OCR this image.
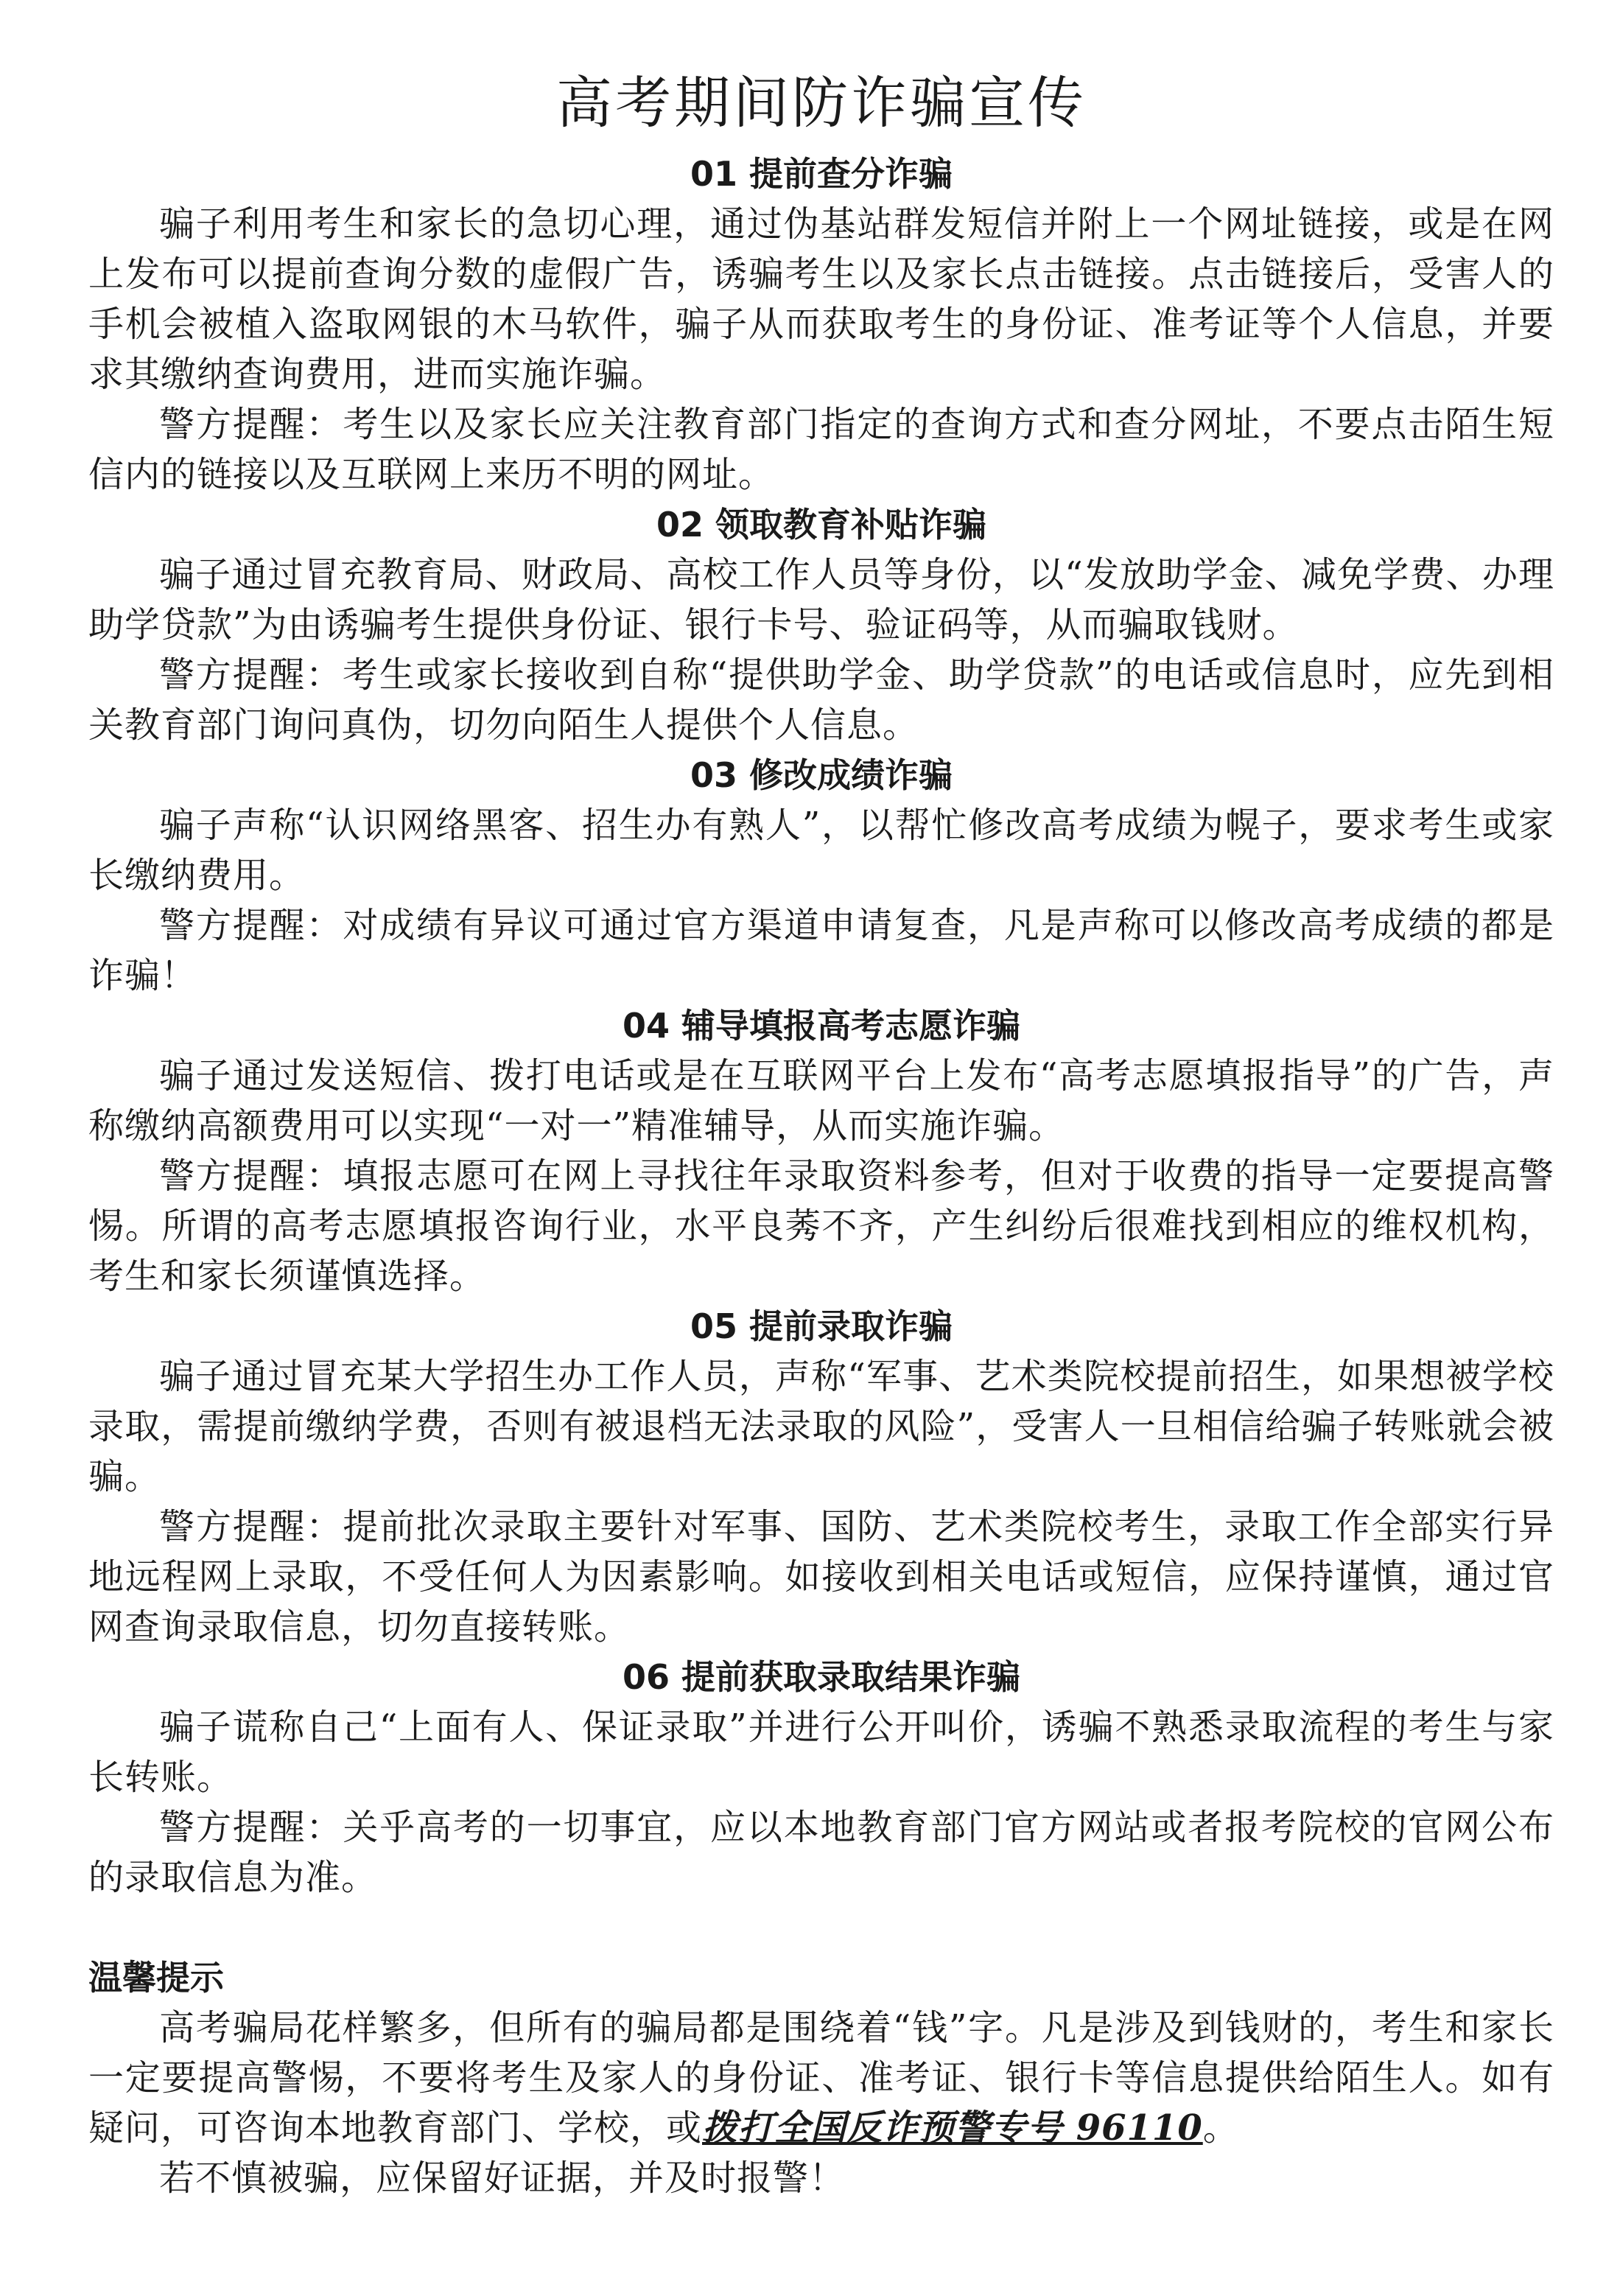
高考期间防诈骗宣传
01 提前查分诈骗

骗子利用考生和家长的急切心理，通过伪基站群发短信并附上一个网址链接，或是在网上发布可以提前查询分数的虚假广告，诱骗考生以及家长点击链接。点击链接后，受害人的手机会被植入盗取网银的木马软件，骗子从而获取考生的身份证、准考证等个人信息，并要求其缴纳查询费用，进而实施诈骗。

警方提醒：考生以及家长应关注教育部门指定的查询方式和查分网址，不要点击陌生短信内的链接以及互联网上来历不明的网址。

02 领取教育补贴诈骗

骗子通过冒充教育局、财政局、高校工作人员等身份，以“发放助学金、减免学费、办理助学贷款”为由诱骗考生提供身份证、银行卡号、验证码等，从而骗取钱财。

警方提醒：考生或家长接收到自称“提供助学金、助学贷款”的电话或信息时，应先到相关教育部门询问真伪，切勿向陌生人提供个人信息。

03 修改成绩诈骗

骗子声称“认识网络黑客、招生办有熟人”，以帮忙修改高考成绩为幌子，要求考生或家长缴纳费用。

警方提醒：对成绩有异议可通过官方渠道申请复查，凡是声称可以修改高考成绩的都是诈骗！

04 辅导填报高考志愿诈骗

骗子通过发送短信、拨打电话或是在互联网平台上发布“高考志愿填报指导”的广告，声称缴纳高额费用可以实现“一对一”精准辅导，从而实施诈骗。

警方提醒：填报志愿可在网上寻找往年录取资料参考，但对于收费的指导一定要提高警惕。所谓的高考志愿填报咨询行业，水平良莠不齐，产生纠纷后很难找到相应的维权机构，考生和家长须谨慎选择。

05 提前录取诈骗

骗子通过冒充某大学招生办工作人员，声称“军事、艺术类院校提前招生，如果想被学校录取，需提前缴纳学费，否则有被退档无法录取的风险”，受害人一旦相信给骗子转账就会被骗。

警方提醒：提前批次录取主要针对军事、国防、艺术类院校考生，录取工作全部实行异地远程网上录取，不受任何人为因素影响。如接收到相关电话或短信，应保持谨慎，通过官网查询录取信息，切勿直接转账。

06 提前获取录取结果诈骗

骗子谎称自己“上面有人、保证录取”并进行公开叫价，诱骗不熟悉录取流程的考生与家长转账。

警方提醒：关乎高考的一切事宜，应以本地教育部门官方网站或者报考院校的官网公布的录取信息为准。

温馨提示

高考骗局花样繁多，但所有的骗局都是围绕着“钱”字。凡是涉及到钱财的，考生和家长一定要提高警惕，不要将考生及家人的身份证、准考证、银行卡等信息提供给陌生人。如有疑问，可咨询本地教育部门、学校，或拨打全国反诈预警专号 96110。

若不慎被骗，应保留好证据，并及时报警！
